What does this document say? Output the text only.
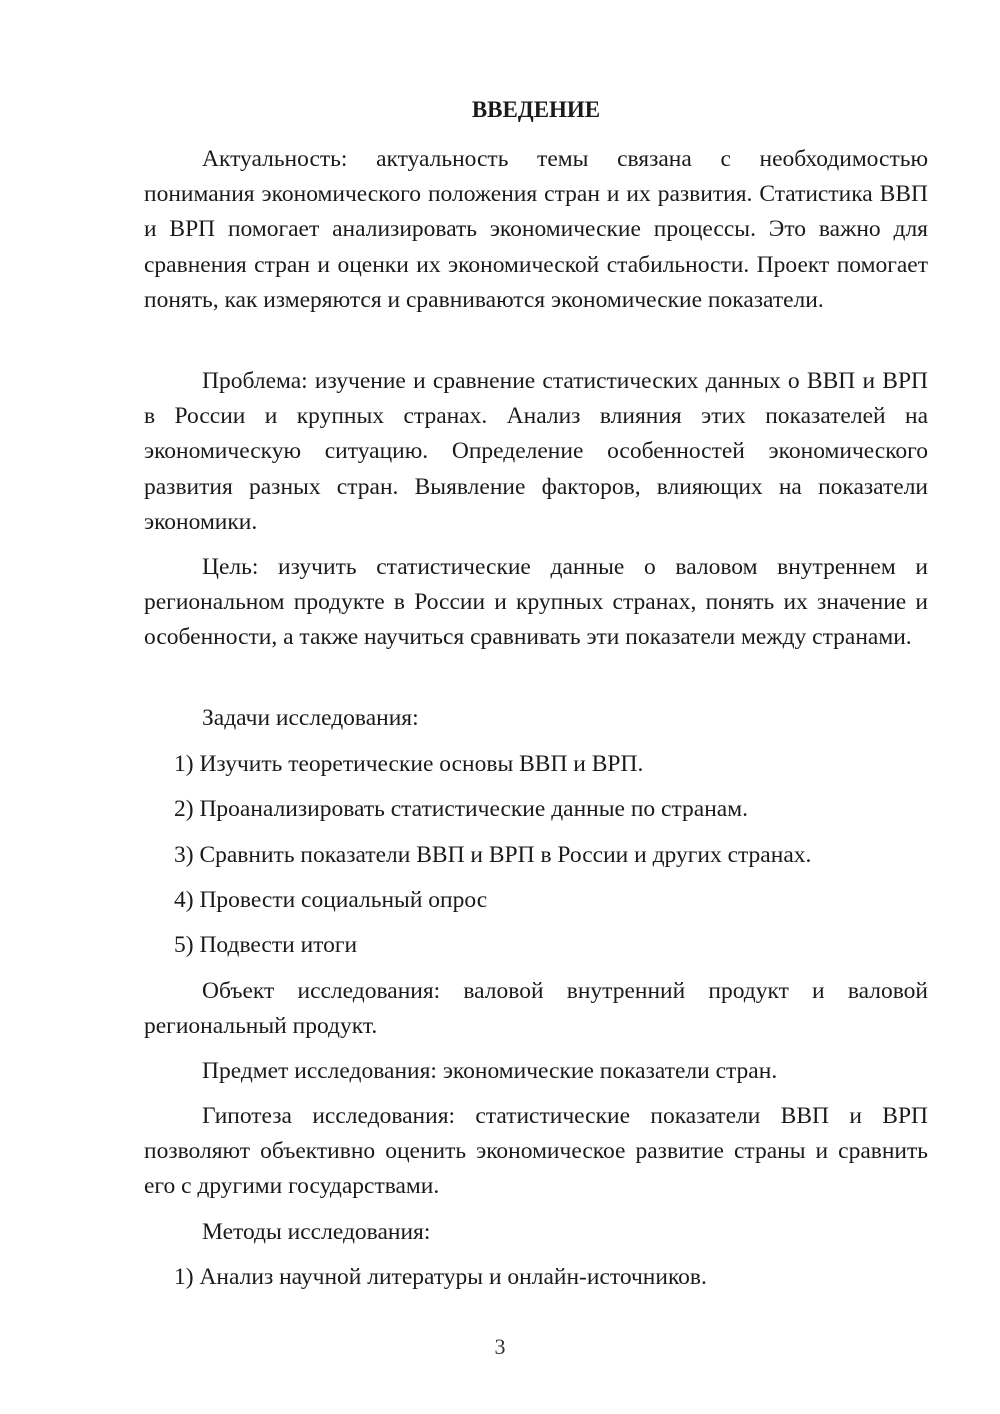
ВВЕДЕНИЕ

Актуальность: актуальность темы связана с необходимостью понимания экономического положения стран и их развития. Статистика ВВП и ВРП помогает анализировать экономические процессы. Это важно для сравнения стран и оценки их экономической стабильности. Проект помогает понять, как измеряются и сравниваются экономические показатели.

Проблема: изучение и сравнение статистических данных о ВВП и ВРП в России и крупных странах. Анализ влияния этих показателей на экономическую ситуацию. Определение особенностей экономического развития разных стран. Выявление факторов, влияющих на показатели экономики.

Цель: изучить статистические данные о валовом внутреннем и региональном продукте в России и крупных странах, понять их значение и особенности, а также научиться сравнивать эти показатели между странами.

Задачи исследования:

1) Изучить теоретические основы ВВП и ВРП.

2) Проанализировать статистические данные по странам.

3) Сравнить показатели ВВП и ВРП в России и других странах.

4) Провести социальный опрос

5) Подвести итоги

Объект исследования: валовой внутренний продукт и валовой региональный продукт.

Предмет исследования: экономические показатели стран.

Гипотеза исследования: статистические показатели ВВП и ВРП позволяют объективно оценить экономическое развитие страны и сравнить его с другими государствами.

Методы исследования:

1) Анализ научной литературы и онлайн-источников.

3
